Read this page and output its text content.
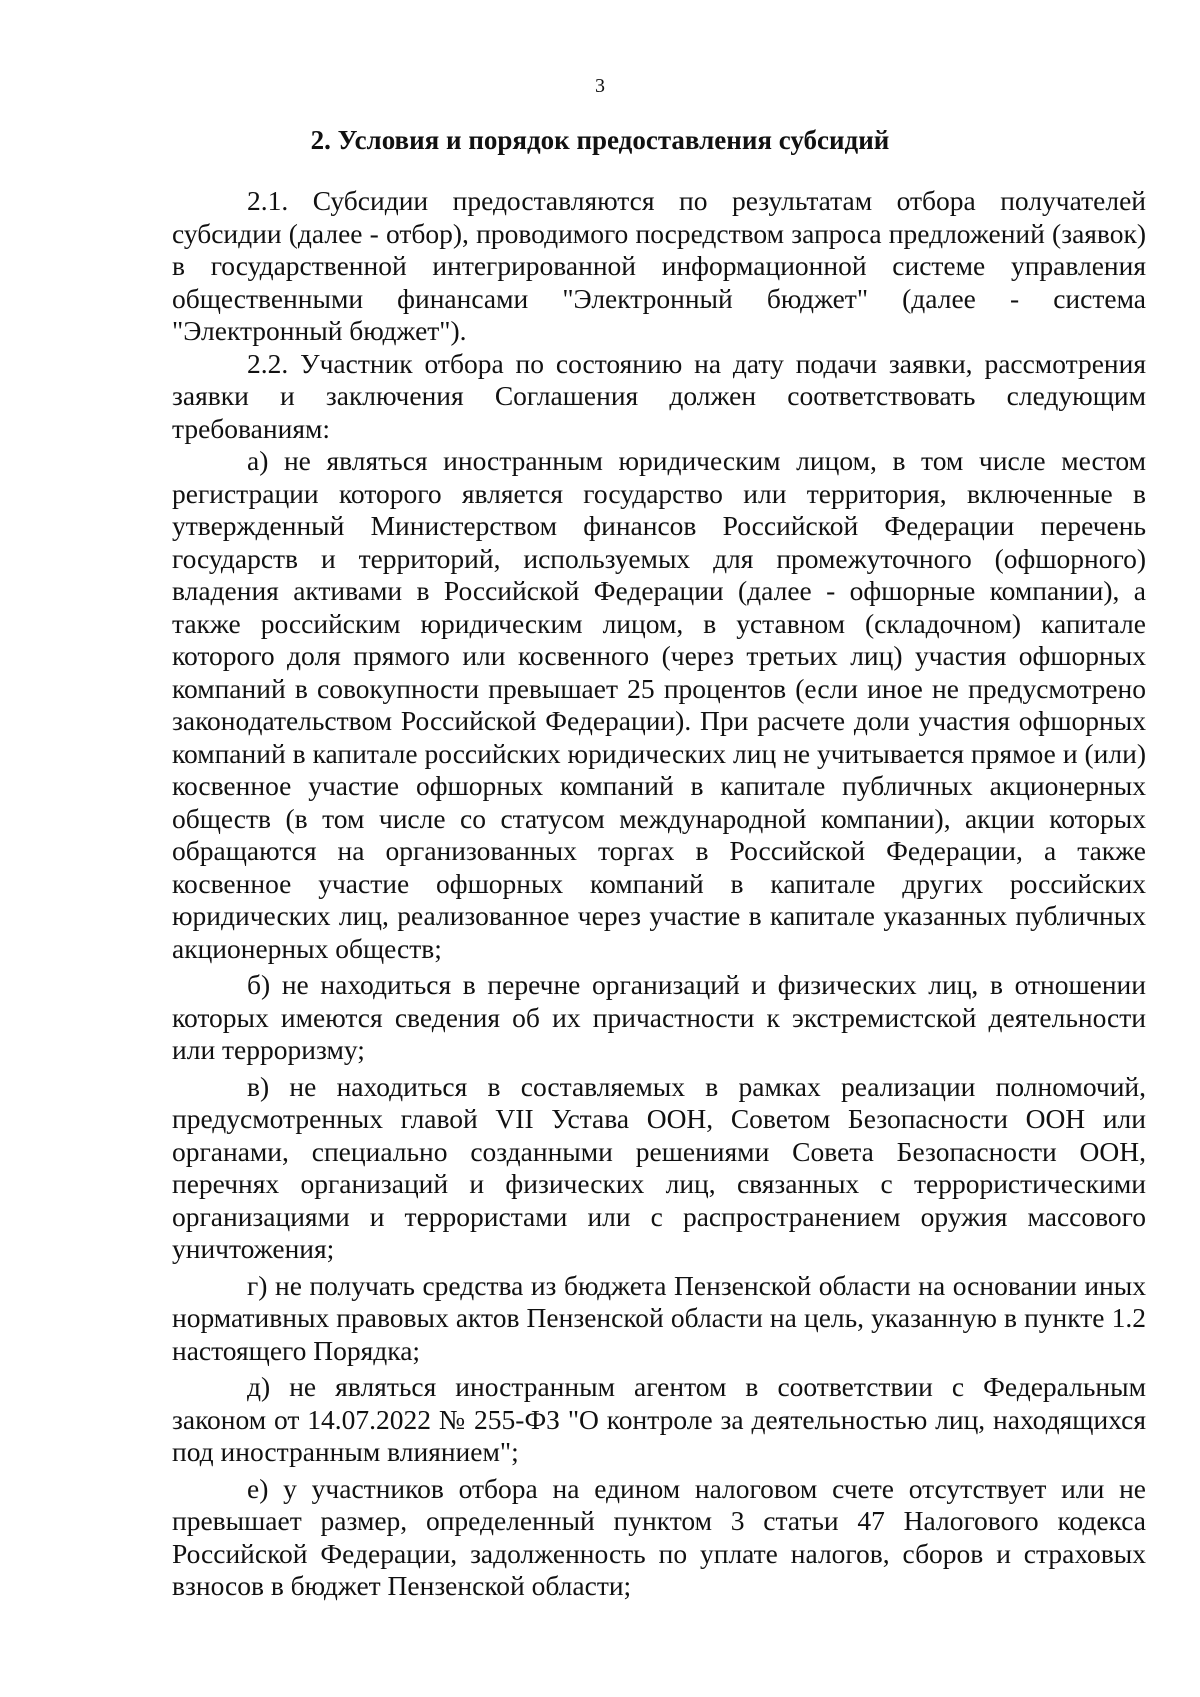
3
2. Условия и порядок предоставления субсидий

2.1. Субсидии предоставляются по результатам отбора получателей субсидии (далее - отбор), проводимого посредством запроса предложений (заявок) в государственной интегрированной информационной системе управления общественными финансами "Электронный бюджет" (далее - система "Электронный бюджет").

2.2. Участник отбора по состоянию на дату подачи заявки, рассмотрения заявки и заключения Соглашения должен соответствовать следующим требованиям:

а) не являться иностранным юридическим лицом, в том числе местом регистрации которого является государство или территория, включенные в утвержденный Министерством финансов Российской Федерации перечень государств и территорий, используемых для промежуточного (офшорного) владения активами в Российской Федерации (далее - офшорные компании), а также российским юридическим лицом, в уставном (складочном) капитале которого доля прямого или косвенного (через третьих лиц) участия офшорных компаний в совокупности превышает 25 процентов (если иное не предусмотрено законодательством Российской Федерации). При расчете доли участия офшорных компаний в капитале российских юридических лиц не учитывается прямое и (или) косвенное участие офшорных компаний в капитале публичных акционерных обществ (в том числе со статусом международной компании), акции которых обращаются на организованных торгах в Российской Федерации, а также косвенное участие офшорных компаний в капитале других российских юридических лиц, реализованное через участие в капитале указанных публичных акционерных обществ;

б) не находиться в перечне организаций и физических лиц, в отношении которых имеются сведения об их причастности к экстремистской деятельности или терроризму;

в) не находиться в составляемых в рамках реализации полномочий, предусмотренных главой VII Устава ООН, Советом Безопасности ООН или органами, специально созданными решениями Совета Безопасности ООН, перечнях организаций и физических лиц, связанных с террористическими организациями и террористами или с распространением оружия массового уничтожения;

г) не получать средства из бюджета Пензенской области на основании иных нормативных правовых актов Пензенской области на цель, указанную в пункте 1.2 настоящего Порядка;

д) не являться иностранным агентом в соответствии с Федеральным законом от 14.07.2022 № 255-ФЗ "О контроле за деятельностью лиц, находящихся под иностранным влиянием";

е) у участников отбора на едином налоговом счете отсутствует или не превышает размер, определенный пунктом 3 статьи 47 Налогового кодекса Российской Федерации, задолженность по уплате налогов, сборов и страховых взносов в бюджет Пензенской области;
